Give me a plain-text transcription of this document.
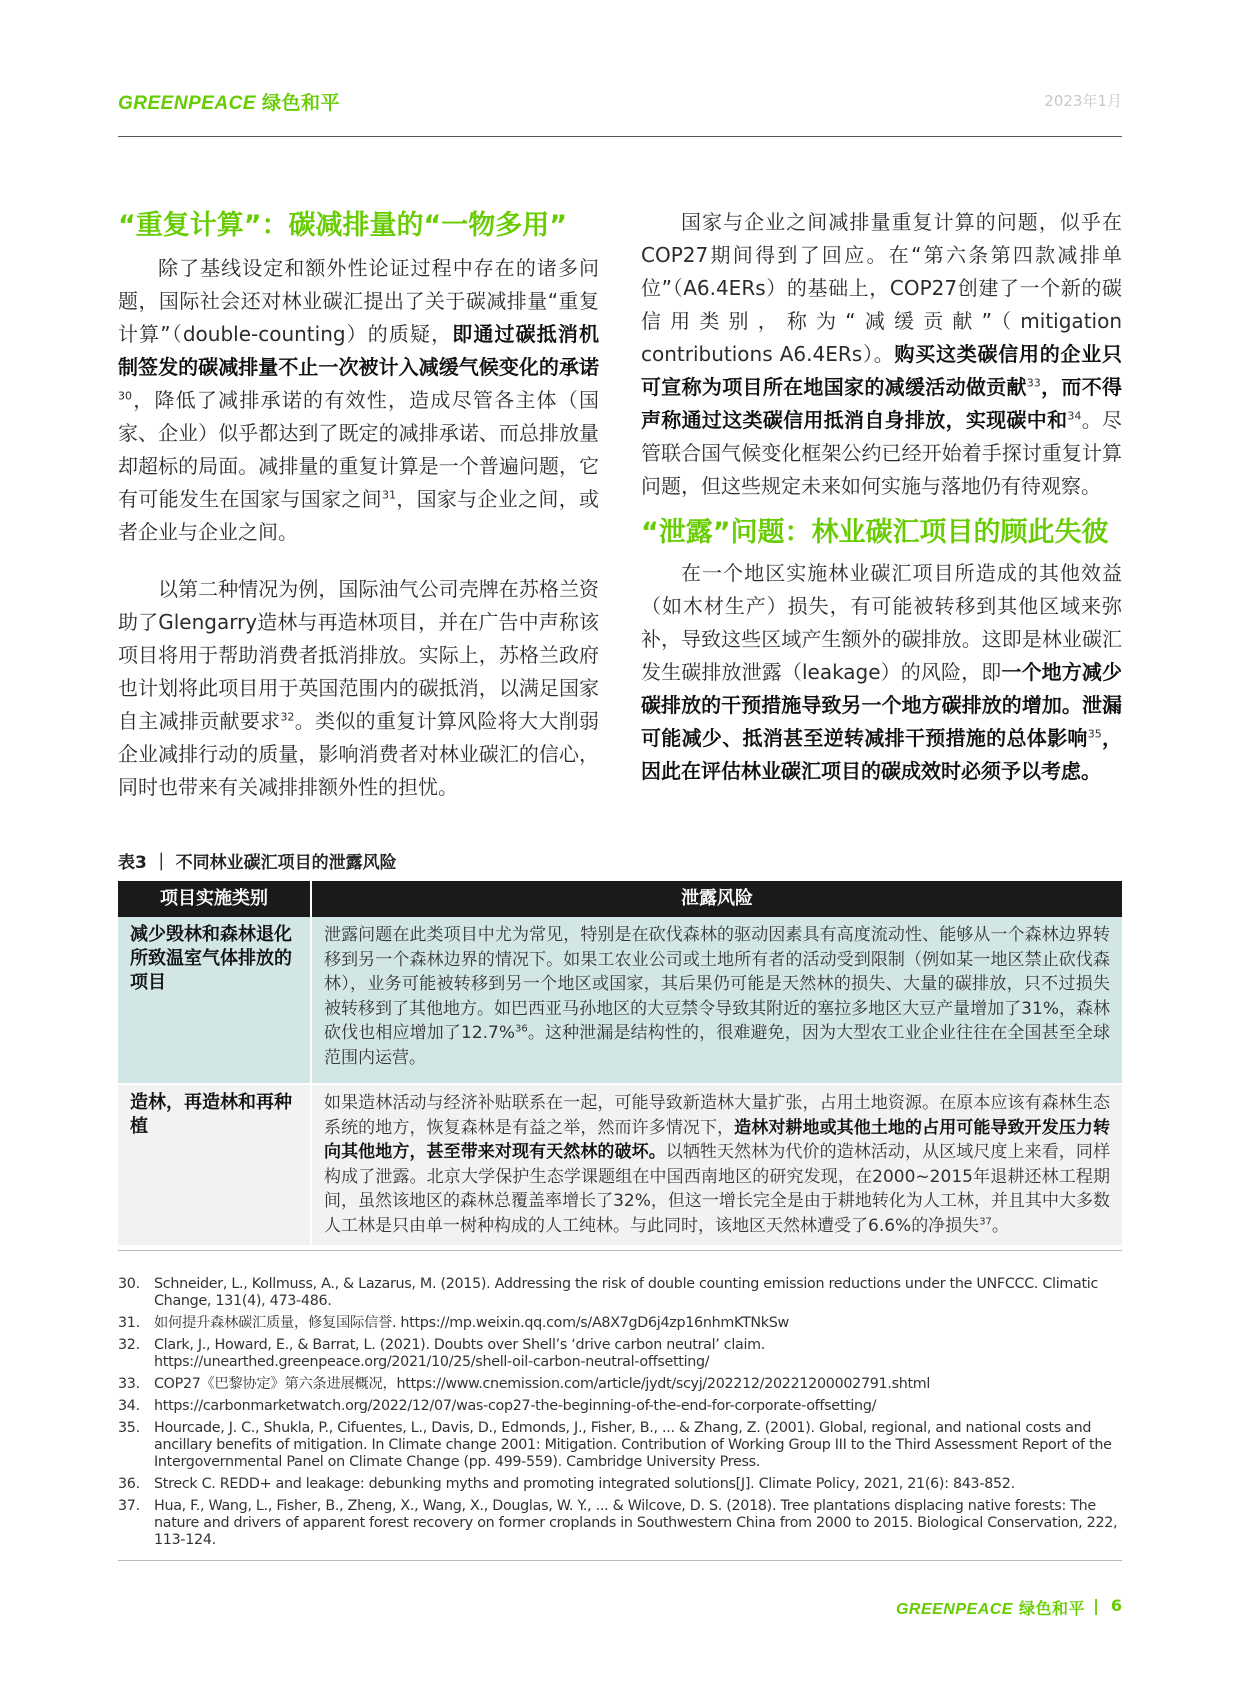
GREENPEACE 绿色和平	2023年1月
“重复计算”：碳减排量的“一物多用”

除了基线设定和额外性论证过程中存在的诸多问题，国际社会还对林业碳汇提出了关于碳减排量“重复计算”（double-counting）的质疑，即通过碳抵消机制签发的碳减排量不止一次被计入减缓气候变化的承诺$^{30}$，降低了减排承诺的有效性，造成尽管各主体（国家、企业）似乎都达到了既定的减排承诺、而总排放量却超标的局面。减排量的重复计算是一个普遍问题，它有可能发生在国家与国家之间$^{31}$，国家与企业之间，或者企业与企业之间。

以第二种情况为例，国际油气公司壳牌在苏格兰资助了Glengarry造林与再造林项目，并在广告中声称该项目将用于帮助消费者抵消排放。实际上，苏格兰政府也计划将此项目用于英国范围内的碳抵消，以满足国家自主减排贡献要求$^{32}$。类似的重复计算风险将大大削弱企业减排行动的质量，影响消费者对林业碳汇的信心，同时也带来有关减排排额外性的担忧。

国家与企业之间减排量重复计算的问题，似乎在COP27期间得到了回应。在“第六条第四款减排单位”（A6.4ERs）的基础上，COP27创建了一个新的碳信用类别，称为“减缓贡献”（mitigation contributions A6.4ERs）。购买这类碳信用的企业只可宣称为项目所在地国家的减缓活动做贡献$^{33}$，而不得声称通过这类碳信用抵消自身排放，实现碳中和$^{34}$。尽管联合国气候变化框架公约已经开始着手探讨重复计算问题，但这些规定未来如何实施与落地仍有待观察。

“泄露”问题：林业碳汇项目的顾此失彼

在一个地区实施林业碳汇项目所造成的其他效益（如木材生产）损失，有可能被转移到其他区域来弥补，导致这些区域产生额外的碳排放。这即是林业碳汇发生碳排放泄露（leakage）的风险，即一个地方减少碳排放的干预措施导致另一个地方碳排放的增加。泄漏可能减少、抵消甚至逆转减排干预措施的总体影响$^{35}$，因此在评估林业碳汇项目的碳成效时必须予以考虑。

表3 ｜ 不同林业碳汇项目的泄露风险
项目实施类别	泄露风险
减少毁林和森林退化所致温室气体排放的项目	泄露问题在此类项目中尤为常见，特别是在砍伐森林的驱动因素具有高度流动性、能够从一个森林边界转移到另一个森林边界的情况下。如果工农业公司或土地所有者的活动受到限制（例如某一地区禁止砍伐森林），业务可能被转移到另一个地区或国家，其后果仍可能是天然林的损失、大量的碳排放，只不过损失被转移到了其他地方。如巴西亚马孙地区的大豆禁令导致其附近的塞拉多地区大豆产量增加了31%，森林砍伐也相应增加了12.7%$^{36}$。这种泄漏是结构性的，很难避免，因为大型农工业企业往往在全国甚至全球范围内运营。
造林，再造林和再种植	如果造林活动与经济补贴联系在一起，可能导致新造林大量扩张，占用土地资源。在原本应该有森林生态系统的地方，恢复森林是有益之举，然而许多情况下，造林对耕地或其他土地的占用可能导致开发压力转向其他地方，甚至带来对现有天然林的破坏。以牺牲天然林为代价的造林活动，从区域尺度上来看，同样构成了泄露。北京大学保护生态学课题组在中国西南地区的研究发现，在2000~2015年退耕还林工程期间，虽然该地区的森林总覆盖率增长了32%，但这一增长完全是由于耕地转化为人工林，并且其中大多数人工林是只由单一树种构成的人工纯林。与此同时，该地区天然林遭受了6.6%的净损失$^{37}$。
30. Schneider, L., Kollmuss, A., & Lazarus, M. (2015). Addressing the risk of double counting emission reductions under the UNFCCC. Climatic Change, 131(4), 473-486.
31. 如何提升森林碳汇质量，修复国际信誉. https://mp.weixin.qq.com/s/A8X7gD6j4zp16nhmKTNkSw
32. Clark, J., Howard, E., & Barrat, L. (2021). Doubts over Shell’s ‘drive carbon neutral’ claim. https://unearthed.greenpeace.org/2021/10/25/shell-oil-carbon-neutral-offsetting/
33. COP27《巴黎协定》第六条进展概况，https://www.cnemission.com/article/jydt/scyj/202212/20221200002791.shtml
34. https://carbonmarketwatch.org/2022/12/07/was-cop27-the-beginning-of-the-end-for-corporate-offsetting/
35. Hourcade, J. C., Shukla, P., Cifuentes, L., Davis, D., Edmonds, J., Fisher, B., ... & Zhang, Z. (2001). Global, regional, and national costs and ancillary benefits of mitigation. In Climate change 2001: Mitigation. Contribution of Working Group III to the Third Assessment Report of the Intergovernmental Panel on Climate Change (pp. 499-559). Cambridge University Press.
36. Streck C. REDD+ and leakage: debunking myths and promoting integrated solutions[J]. Climate Policy, 2021, 21(6): 843-852.
37. Hua, F., Wang, L., Fisher, B., Zheng, X., Wang, X., Douglas, W. Y., ... & Wilcove, D. S. (2018). Tree plantations displacing native forests: The nature and drivers of apparent forest recovery on former croplands in Southwestern China from 2000 to 2015. Biological Conservation, 222, 113-124.
GREENPEACE 绿色和平 | 6
